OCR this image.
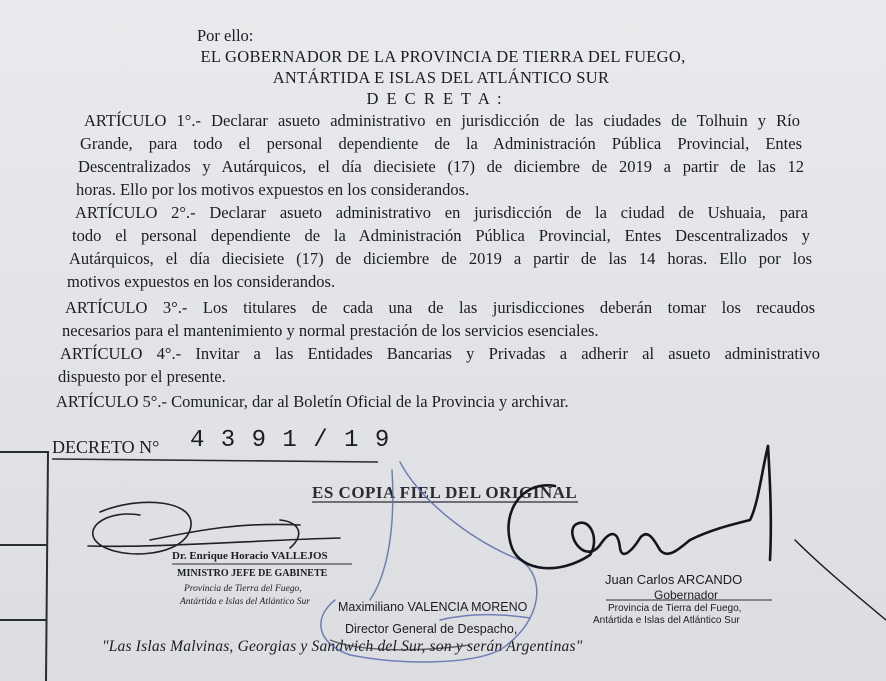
Por ello:
EL GOBERNADOR DE LA PROVINCIA DE TIERRA DEL FUEGO,
ANTÁRTIDA E ISLAS DEL ATLÁNTICO SUR
D E C R E T A :
ARTÍCULO 1°.- Declarar asueto administrativo en jurisdicción de las ciudades de Tolhuin y Río
Grande, para todo el personal dependiente de la Administración Pública Provincial, Entes
Descentralizados y Autárquicos, el día diecisiete (17) de diciembre de 2019 a partir de las 12
horas. Ello por los motivos expuestos en los considerandos.
ARTÍCULO 2°.- Declarar asueto administrativo en jurisdicción de la ciudad de Ushuaia, para
todo el personal dependiente de la Administración Pública Provincial, Entes Descentralizados y
Autárquicos, el día diecisiete (17) de diciembre de 2019 a partir de las 14 horas. Ello por los
motivos expuestos en los considerandos.
ARTÍCULO 3°.- Los titulares de cada una de las jurisdicciones deberán tomar los recaudos
necesarios para el mantenimiento y normal prestación de los servicios esenciales.
ARTÍCULO 4°.- Invitar a las Entidades Bancarias y Privadas a adherir al asueto administrativo
dispuesto por el presente.
ARTÍCULO 5°.- Comunicar, dar al Boletín Oficial de la Provincia y archivar.
DECRETO N° 4 3 9 1 / 1 9
ES COPIA FIEL DEL ORIGINAL
Dr. Enrique Horacio VALLEJOS
MINISTRO JEFE DE GABINETE
Provincia de Tierra del Fuego,
Antártida e Islas del Atlántico Sur Maximiliano VALENCIA MORENO
Director General de Despacho,
Juan Carlos ARCANDO
Gobernador
Provincia de Tierra del Fuego,
Antártida e Islas del Atlántico Sur
"Las Islas Malvinas, Georgias y Sandwich del Sur, son y serán Argentinas"
